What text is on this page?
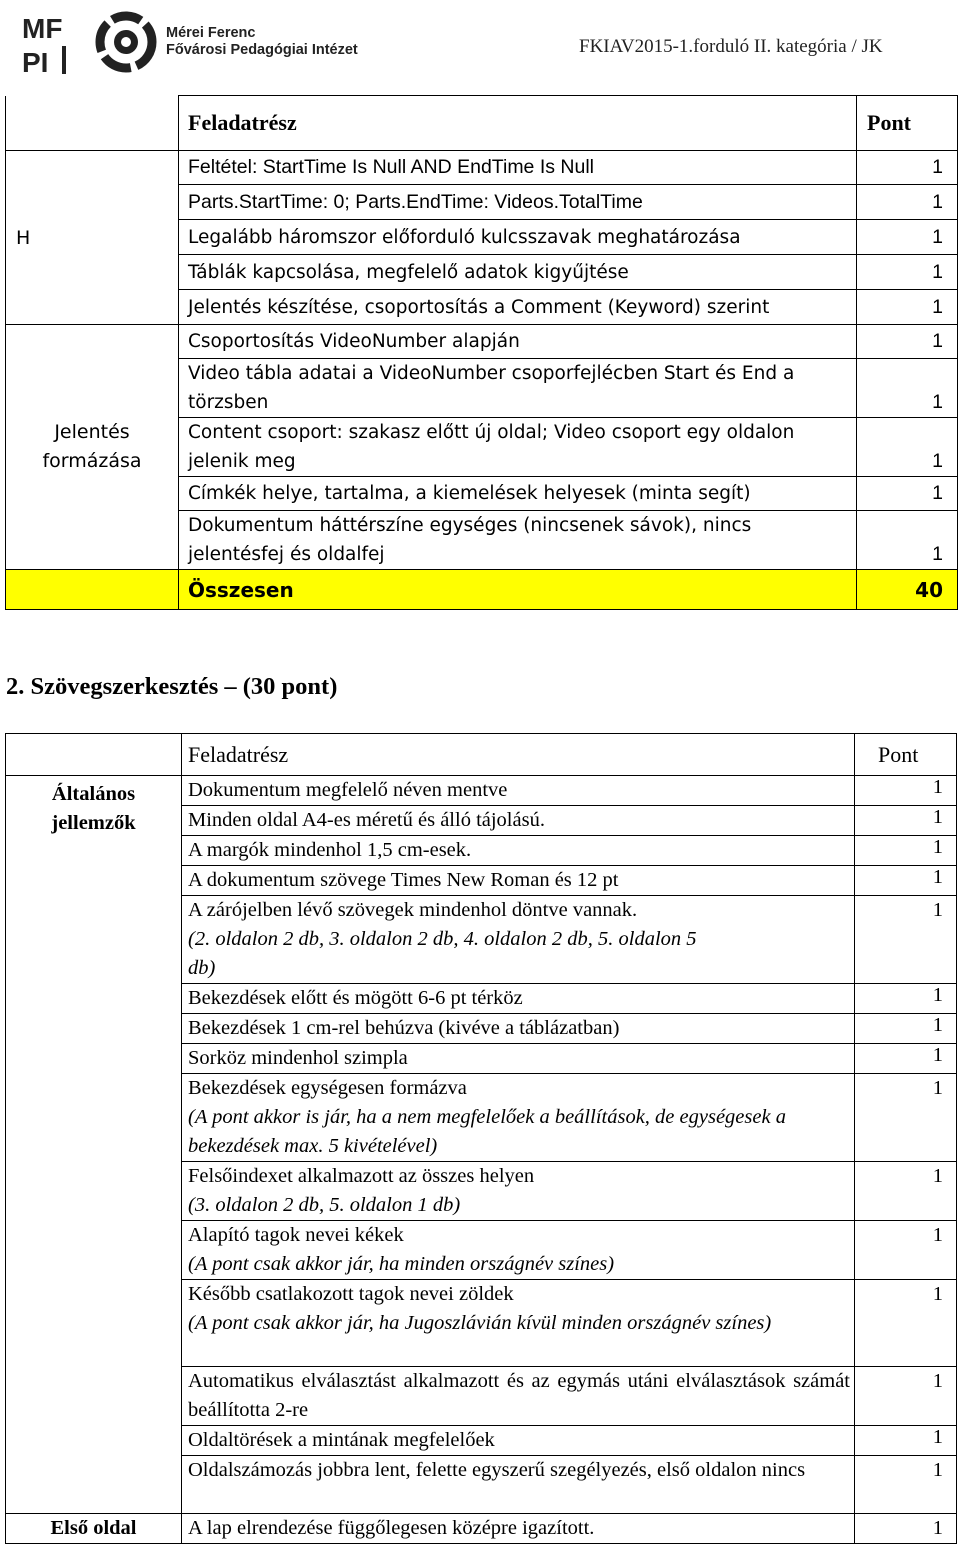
MF
PI
Mérei Ferenc
Fővárosi Pedagógiai Intézet	FKIAV2015-1.forduló II. kategória / JK
	Feladatrész	Pont
H	Feltétel: StartTime Is Null AND EndTime Is Null	1
	Parts.StartTime: 0; Parts.EndTime: Videos.TotalTime	1
	Legalább háromszor előforduló kulcsszavak meghatározása	1
	Táblák kapcsolása, megfelelő adatok kigyűjtése	1
	Jelentés készítése, csoportosítás a Comment (Keyword) szerint	1
Jelentés formázása	Csoportosítás VideoNumber alapján	1
	Video tábla adatai a VideoNumber csoporfejlécben Start és End a törzsben	1
	Content csoport: szakasz előtt új oldal; Video csoport egy oldalon jelenik meg	1
	Címkék helye, tartalma, a kiemelések helyesek (minta segít)	1
	Dokumentum háttérszíne egységes (nincsenek sávok), nincs jelentésfej és oldalfej	1
	Összesen	40
2. Szövegszerkesztés – (30 pont)
	Feladatrész	Pont
Általános jellemzők	Dokumentum megfelelő néven mentve	1
	Minden oldal A4-es méretű és álló tájolású.	1
	A margók mindenhol 1,5 cm-esek.	1
	A dokumentum szövege Times New Roman és 12 pt	1

	A zárójelben lévő szövegek mindenhol döntve vannak.
(2. oldalon 2 db, 3. oldalon 2 db, 4. oldalon 2 db, 5. oldalon 5 db)	1
	Bekezdések előtt és mögött 6-6 pt térköz	1
	Bekezdések 1 cm-rel behúzva (kivéve a táblázatban)	1
	Sorköz mindenhol szimpla	1

	Bekezdések egységesen formázva
(A pont akkor is jár, ha a nem megfelelőek a beállítások, de egységesek a bekezdések max. 5 kivételével)	1

	Felsőindexet alkalmazott az összes helyen
(3. oldalon 2 db, 5. oldalon 1 db)	1

	Alapító tagok nevei kékek
(A pont csak akkor jár, ha minden országnév színes)	1

	Később csatlakozott tagok nevei zöldek
(A pont csak akkor jár, ha Jugoszlávián kívül minden országnév színes)	1
	Automatikus elválasztást alkalmazott és az egymás utáni elválasztások számát beállította 2-re	1
	Oldaltörések a mintának megfelelőek	1
	Oldalszámozás jobbra lent, felette egyszerű szegélyezés, első oldalon nincs	1
Első oldal	A lap elrendezése függőlegesen középre igazított.	1
